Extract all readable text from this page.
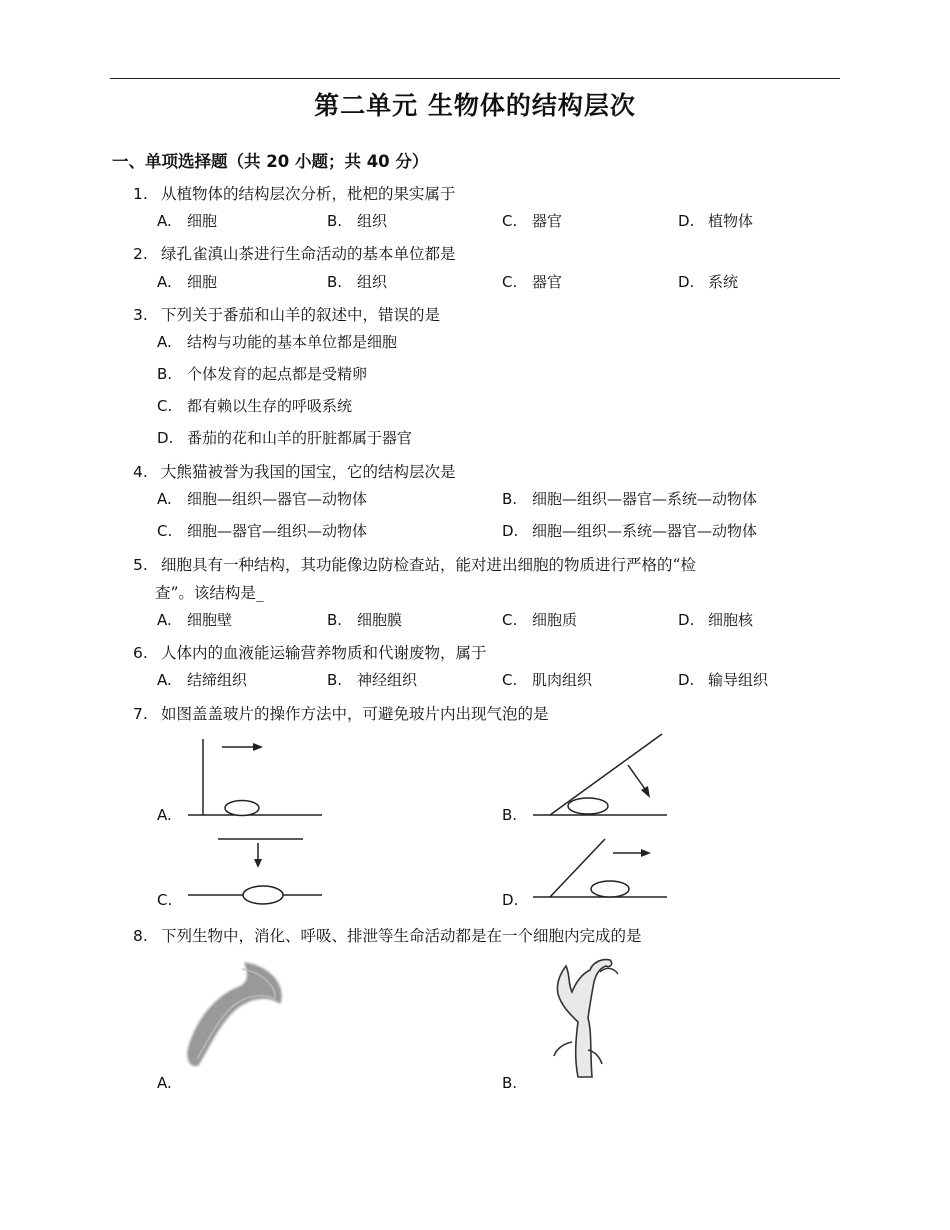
第二单元 生物体的结构层次
一、单项选择题（共 20 小题；共 40 分）
1. 从植物体的结构层次分析，枇杷的果实属于
A. 细胞	B. 组织	C. 器官	D. 植物体
2. 绿孔雀滇山茶进行生命活动的基本单位都是
A. 细胞	B. 组织	C. 器官	D. 系统
3. 下列关于番茄和山羊的叙述中，错误的是
A. 结构与功能的基本单位都是细胞
B. 个体发育的起点都是受精卵
C. 都有赖以生存的呼吸系统
D. 番茄的花和山羊的肝脏都属于器官
4. 大熊猫被誉为我国的国宝，它的结构层次是
A. 细胞—组织—器官—动物体	B. 细胞—组织—器官—系统—动物体
C. 细胞—器官—组织—动物体	D. 细胞—组织—系统—器官—动物体
5. 细胞具有一种结构，其功能像边防检查站，能对进出细胞的物质进行严格的“检
查”。该结构是_
A. 细胞壁	B. 细胞膜	C. 细胞质	D. 细胞核
6. 人体内的血液能运输营养物质和代谢废物，属于
A. 结缔组织	B. 神经组织	C. 肌肉组织	D. 输导组织
7. 如图盖盖玻片的操作方法中，可避免玻片内出现气泡的是
A.	B.
C.	D.
8. 下列生物中，消化、呼吸、排泄等生命活动都是在一个细胞内完成的是
A.	B.
